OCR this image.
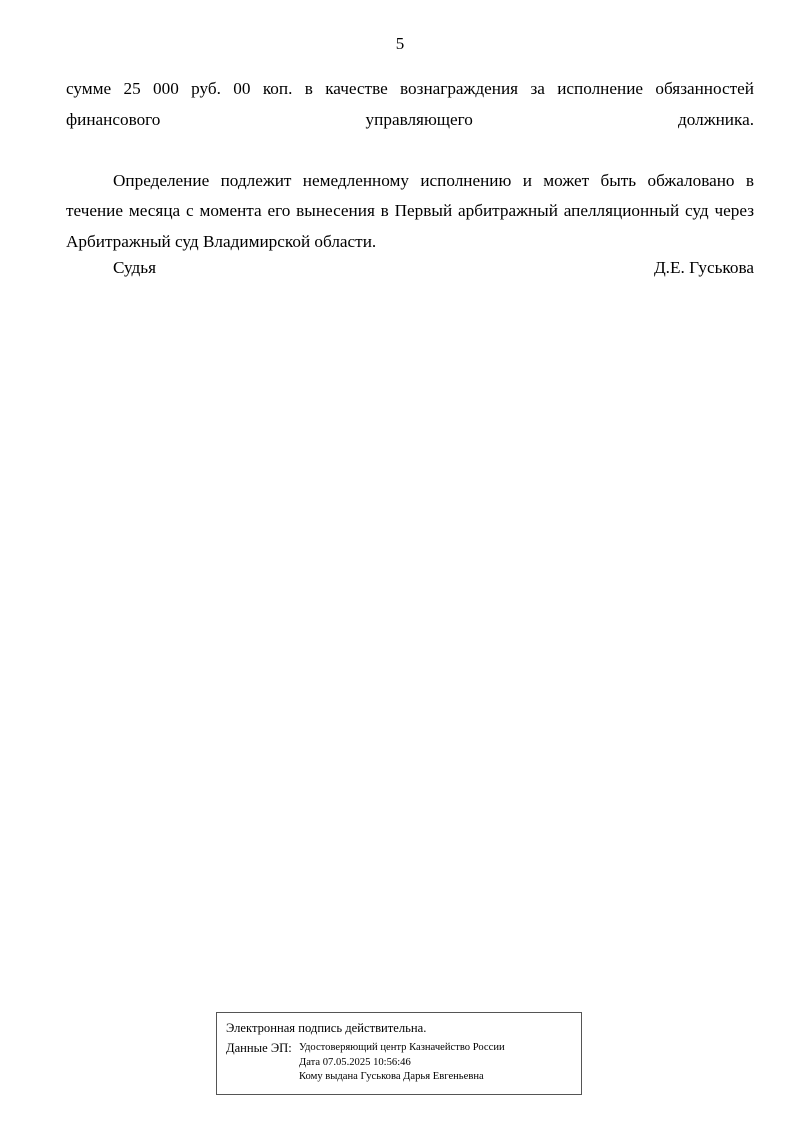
5

сумме 25 000 руб. 00 коп. в качестве вознаграждения за исполнение обязанностей финансового управляющего должника.

Определение подлежит немедленному исполнению и может быть обжаловано в течение месяца с момента его вынесения в Первый арбитражный апелляционный суд через Арбитражный суд Владимирской области.

Судья	Д.Е. Гуськова
Электронная подпись действительна.
Данные ЭП: Удостоверяющий центр Казначейство России
Дата 07.05.2025 10:56:46
Кому выдана Гуськова Дарья Евгеньевна
